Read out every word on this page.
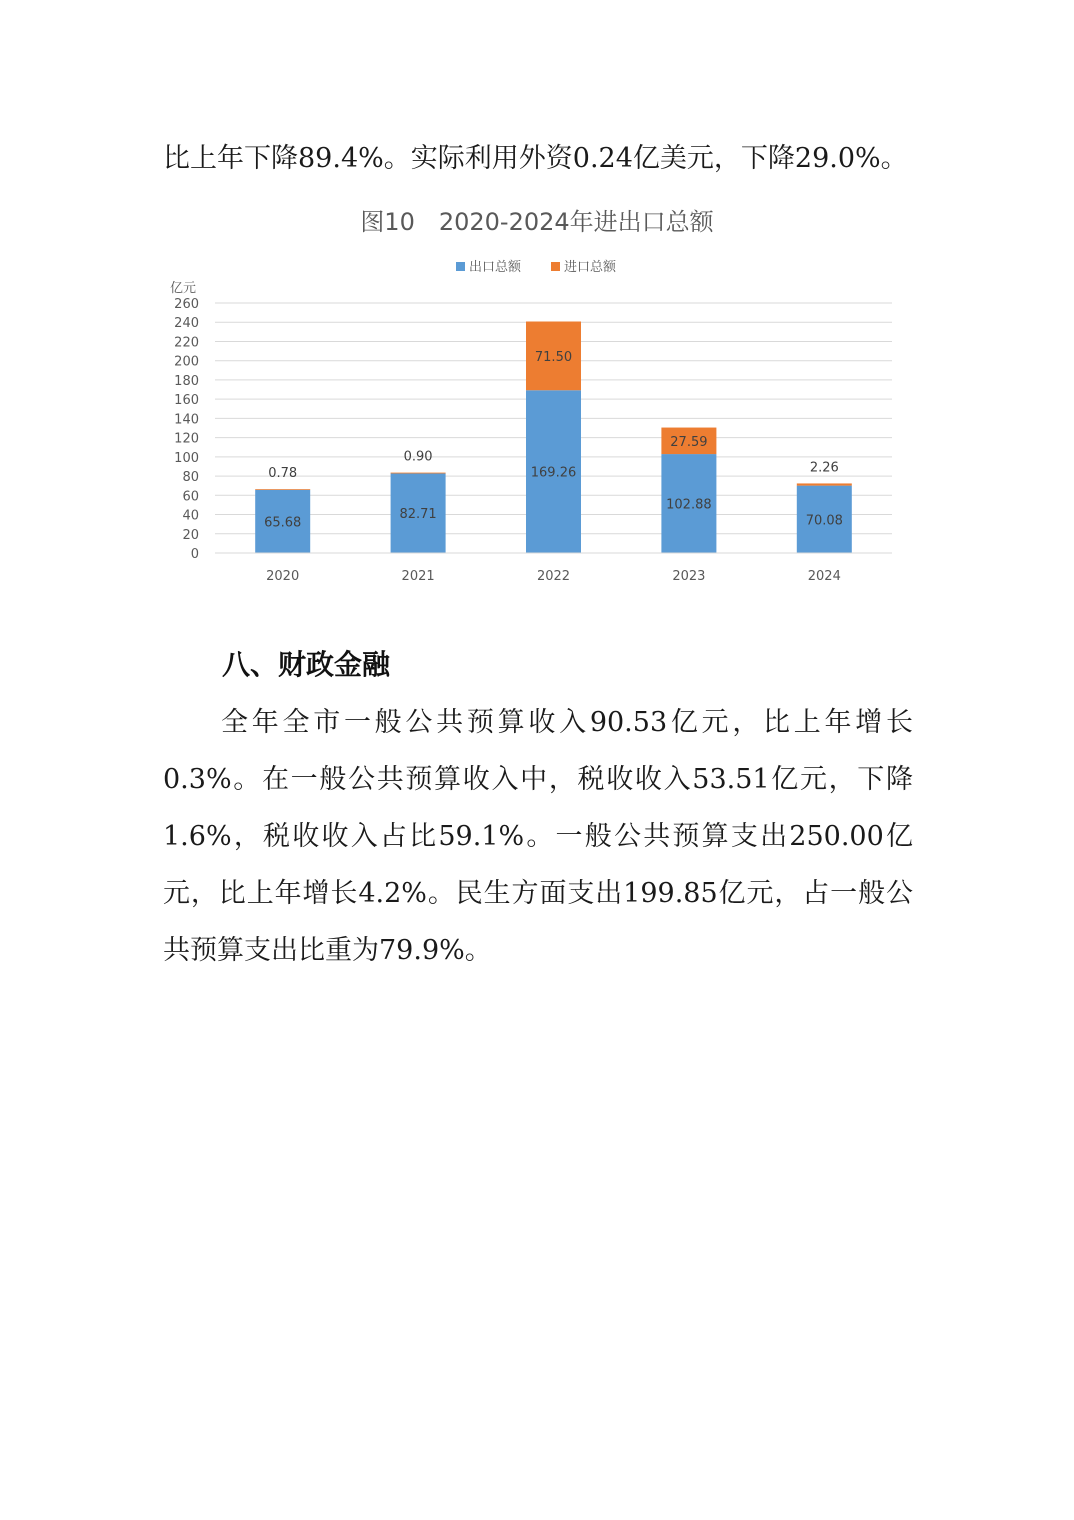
比上年下降89.4%。实际利用外资0.24亿美元，下降29.0%。

图10　2020-2024年进出口总额
0
20
40
60
80
100
120
140
160
180
200
220
240
260
亿元
出口总额	进口总额
65.68
0.78
2020
82.71
0.90
2021
169.26
71.50
2022
102.88
27.59
2023
70.08
2.26
2024
八、财政金融

全年全市一般公共预算收入90.53亿元，比上年增长0.3%。在一般公共预算收入中，税收收入53.51亿元，下降1.6%，税收收入占比59.1%。一般公共预算支出250.00亿元，比上年增长4.2%。民生方面支出199.85亿元，占一般公共预算支出比重为79.9%。
